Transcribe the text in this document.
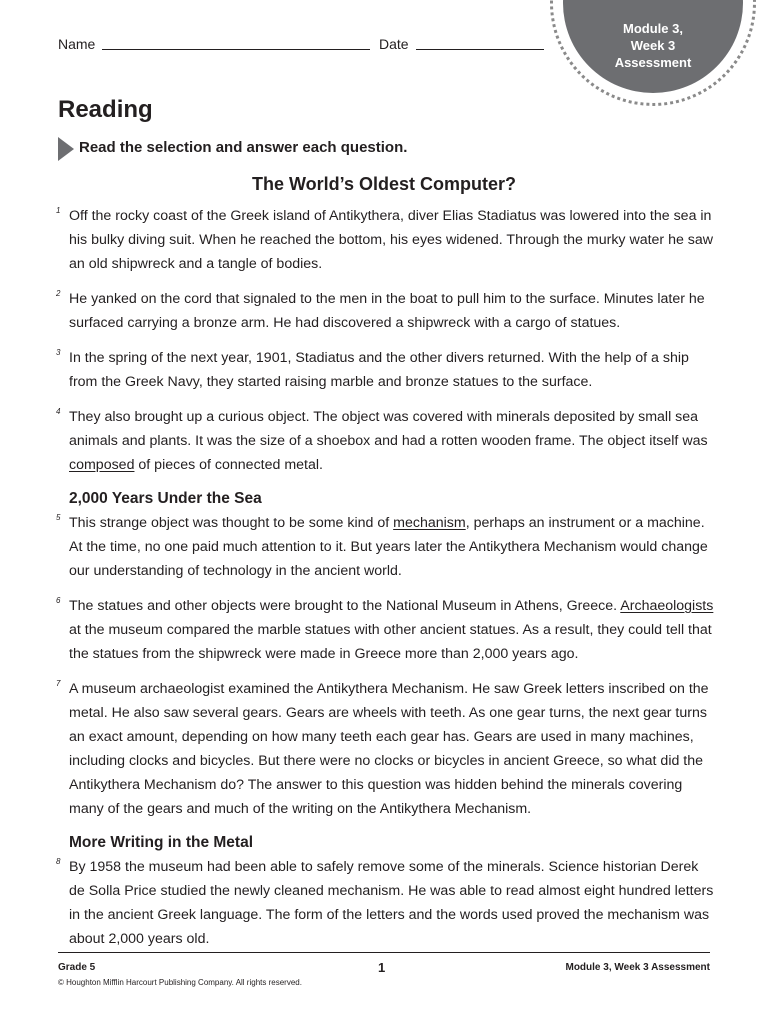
Module 3,
Week 3
Assessment
Name	Date
Reading
Read the selection and answer each question.
The World’s Oldest Computer?

1 Off the rocky coast of the Greek island of Antikythera, diver Elias Stadiatus was lowered into the sea in his bulky diving suit. When he reached the bottom, his eyes widened. Through the murky water he saw an old shipwreck and a tangle of bodies.

2 He yanked on the cord that signaled to the men in the boat to pull him to the surface. Minutes later he surfaced carrying a bronze arm. He had discovered a shipwreck with a cargo of statues.

3 In the spring of the next year, 1901, Stadiatus and the other divers returned. With the help of a ship from the Greek Navy, they started raising marble and bronze statues to the surface.

4 They also brought up a curious object. The object was covered with minerals deposited by small sea animals and plants. It was the size of a shoebox and had a rotten wooden frame. The object itself was composed of pieces of connected metal.

2,000 Years Under the Sea

5 This strange object was thought to be some kind of mechanism, perhaps an instrument or a machine. At the time, no one paid much attention to it. But years later the Antikythera Mechanism would change our understanding of technology in the ancient world.

6 The statues and other objects were brought to the National Museum in Athens, Greece. Archaeologists at the museum compared the marble statues with other ancient statues. As a result, they could tell that the statues from the shipwreck were made in Greece more than 2,000 years ago.

7 A museum archaeologist examined the Antikythera Mechanism. He saw Greek letters inscribed on the metal. He also saw several gears. Gears are wheels with teeth. As one gear turns, the next gear turns an exact amount, depending on how many teeth each gear has. Gears are used in many machines, including clocks and bicycles. But there were no clocks or bicycles in ancient Greece, so what did the Antikythera Mechanism do? The answer to this question was hidden behind the minerals covering many of the gears and much of the writing on the Antikythera Mechanism.

More Writing in the Metal

8 By 1958 the museum had been able to safely remove some of the minerals. Science historian Derek de Solla Price studied the newly cleaned mechanism. He was able to read almost eight hundred letters in the ancient Greek language. The form of the letters and the words used proved the mechanism was about 2,000 years old.

Grade 5
© Houghton Mifflin Harcourt Publishing Company. All rights reserved.
1	Module 3, Week 3 Assessment
